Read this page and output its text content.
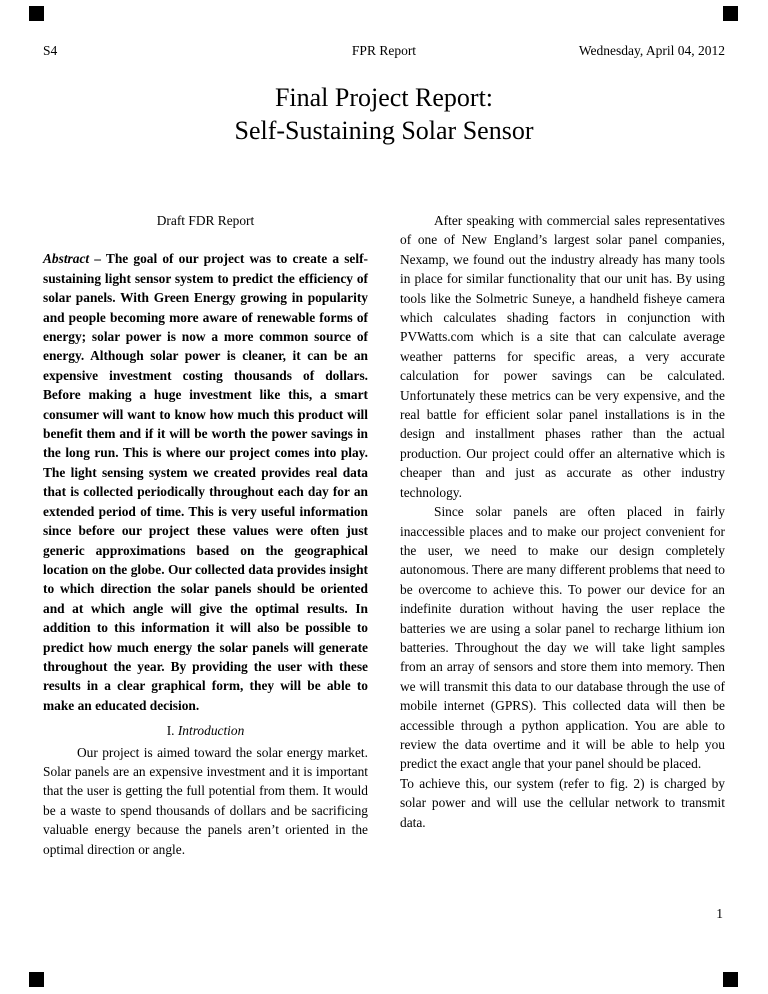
S4	FPR Report	Wednesday, April 04, 2012
Final Project Report:
Self-Sustaining Solar Sensor
Draft FDR Report

Abstract – The goal of our project was to create a self-sustaining light sensor system to predict the efficiency of solar panels. With Green Energy growing in popularity and people becoming more aware of renewable forms of energy; solar power is now a more common source of energy. Although solar power is cleaner, it can be an expensive investment costing thousands of dollars. Before making a huge investment like this, a smart consumer will want to know how much this product will benefit them and if it will be worth the power savings in the long run. This is where our project comes into play. The light sensing system we created provides real data that is collected periodically throughout each day for an extended period of time. This is very useful information since before our project these values were often just generic approximations based on the geographical location on the globe. Our collected data provides insight to which direction the solar panels should be oriented and at which angle will give the optimal results. In addition to this information it will also be possible to predict how much energy the solar panels will generate throughout the year. By providing the user with these results in a clear graphical form, they will be able to make an educated decision.

I. Introduction

Our project is aimed toward the solar energy market. Solar panels are an expensive investment and it is important that the user is getting the full potential from them. It would be a waste to spend thousands of dollars and be sacrificing valuable energy because the panels aren’t oriented in the optimal direction or angle.

After speaking with commercial sales representatives of one of New England’s largest solar panel companies, Nexamp, we found out the industry already has many tools in place for similar functionality that our unit has. By using tools like the Solmetric Suneye, a handheld fisheye camera which calculates shading factors in conjunction with PVWatts.com which is a site that can calculate average weather patterns for specific areas, a very accurate calculation for power savings can be calculated. Unfortunately these metrics can be very expensive, and the real battle for efficient solar panel installations is in the design and installment phases rather than the actual production. Our project could offer an alternative which is cheaper than and just as accurate as other industry technology.

Since solar panels are often placed in fairly inaccessible places and to make our project convenient for the user, we need to make our design completely autonomous. There are many different problems that need to be overcome to achieve this. To power our device for an indefinite duration without having the user replace the batteries we are using a solar panel to recharge lithium ion batteries. Throughout the day we will take light samples from an array of sensors and store them into memory. Then we will transmit this data to our database through the use of mobile internet (GPRS). This collected data will then be accessible through a python application. You are able to review the data overtime and it will be able to help you predict the exact angle that your panel should be placed.

To achieve this, our system (refer to fig. 2) is charged by solar power and will use the cellular network to transmit data.

1
